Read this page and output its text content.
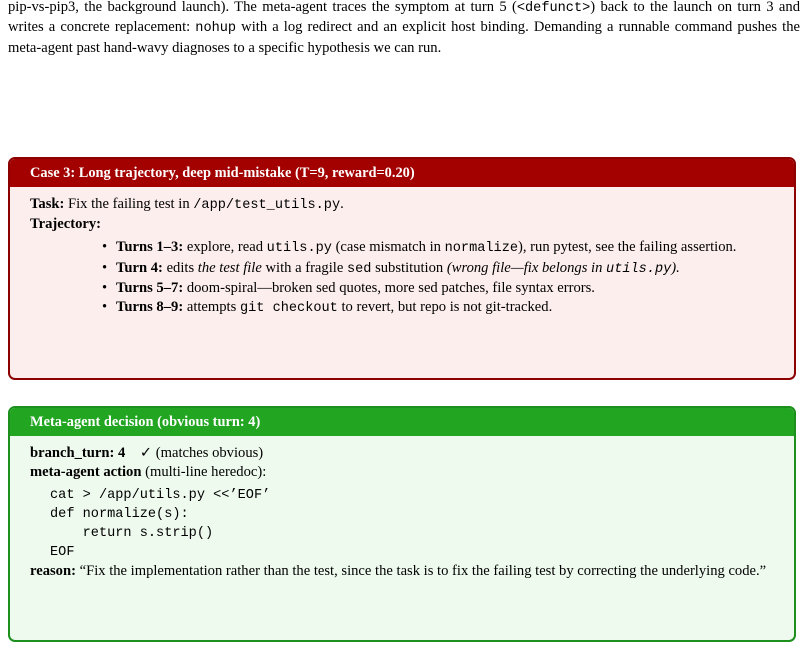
pip-vs-pip3, the background launch). The meta-agent traces the symptom at turn 5 (<defunct>) back to the launch on turn 3 and writes a concrete replacement: nohup with a log redirect and an explicit host binding. Demanding a runnable command pushes the meta-agent past hand-wavy diagnoses to a specific hypothesis we can run.

Case 3: Long trajectory, deep mid-mistake (T=9, reward=0.20)

Task: Fix the failing test in /app/test_utils.py.

Trajectory:

• Turns 1–3: explore, read utils.py (case mismatch in normalize), run pytest, see the failing assertion.
• Turn 4: edits the test file with a fragile sed substitution (wrong file—fix belongs in utils.py).
• Turns 5–7: doom-spiral—broken sed quotes, more sed patches, file syntax errors.
• Turns 8–9: attempts git checkout to revert, but repo is not git-tracked.
Meta-agent decision (obvious turn: 4)

branch_turn: 4 ✓ (matches obvious)

meta-agent action (multi-line heredoc):

cat > /app/utils.py <<’EOF’
def normalize(s):
return s.strip()
EOF

reason: “Fix the implementation rather than the test, since the task is to fix the failing test by correcting the underlying code.”
